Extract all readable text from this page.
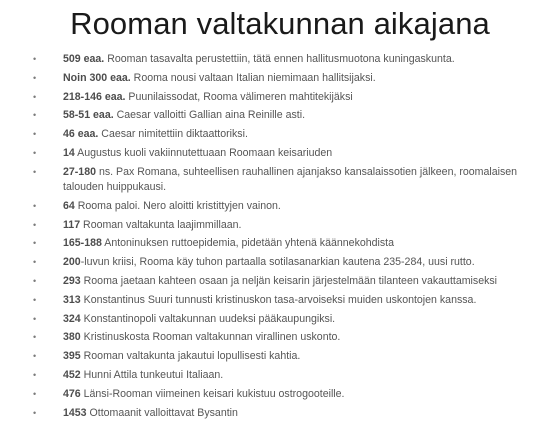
Rooman valtakunnan aikajana
•	509 eaa. Rooman tasavalta perustettiin, tätä ennen hallitusmuotona kuningaskunta.
•	Noin 300 eaa. Rooma nousi valtaan Italian niemimaan hallitsijaksi.
•	218-146 eaa. Puunilaissodat, Rooma välimeren mahtitekijäksi
•	58-51 eaa. Caesar valloitti Gallian aina Reinille asti.
•	46 eaa. Caesar nimitettiin diktaattoriksi.
•	14 Augustus kuoli vakiinnutettuaan Roomaan keisariuden
•	27-180 ns. Pax Romana, suhteellisen rauhallinen ajanjakso kansalaissotien jälkeen, roomalaisen talouden huippukausi.
•	64 Rooma paloi. Nero aloitti kristittyjen vainon.
•	117 Rooman valtakunta laajimmillaan.
•	165-188 Antoninuksen ruttoepidemia, pidetään yhtenä käännekohdista
•	200-luvun kriisi, Rooma käy tuhon partaalla sotilasanarkian kautena 235-284, uusi rutto.
•	293 Rooma jaetaan kahteen osaan ja neljän keisarin järjestelmään tilanteen vakauttamiseksi
•	313 Konstantinus Suuri tunnusti kristinuskon tasa-arvoiseksi muiden uskontojen kanssa.
•	324 Konstantinopoli valtakunnan uudeksi pääkaupungiksi.
•	380 Kristinuskosta Rooman valtakunnan virallinen uskonto.
•	395 Rooman valtakunta jakautui lopullisesti kahtia.
•	452 Hunni Attila tunkeutui Italiaan.
•	476 Länsi-Rooman viimeinen keisari kukistuu ostrogooteille.
•	1453 Ottomaanit valloittavat Bysantin
